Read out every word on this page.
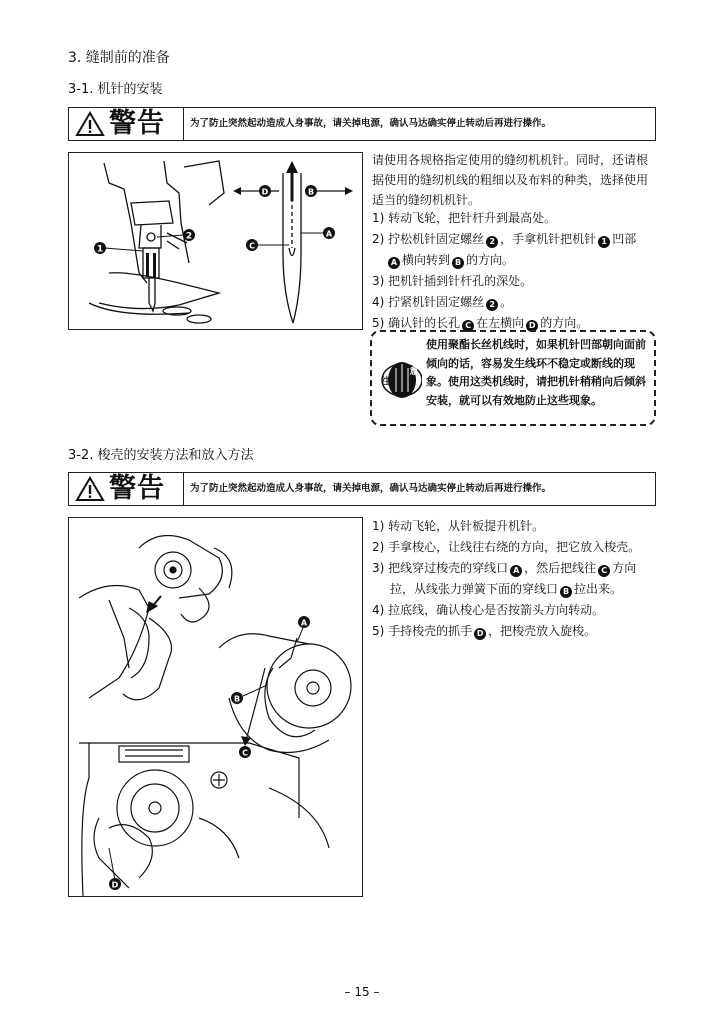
3. 缝制前的准备
3-1. 机针的安装
警告	为了防止突然起动造成人身事故，请关掉电源，确认马达确实停止转动后再进行操作。
1
2
D	B
C
A
请使用各规格指定使用的缝纫机机针。同时，还请根据使用的缝纫机线的粗细以及布料的种类，选择使用适当的缝纫机机针。
1) 转动飞轮，把针杆升到最高处。
2) 拧松机针固定螺丝 2 ，手拿机针把机针 1 凹部
A 横向转到 B 的方向。
3) 把机针插到针杆孔的深处。
4) 拧紧机针固定螺丝 2 。
5) 确认针的长孔 C 在左横向 D 的方向。
注
意
使用聚酯长丝机线时，如果机针凹部朝向面前倾向的话，容易发生线环不稳定或断线的现象。使用这类机线时，请把机针稍稍向后倾斜安装，就可以有效地防止这些现象。
3-2. 梭壳的安装方法和放入方法
警告	为了防止突然起动造成人身事故，请关掉电源，确认马达确实停止转动后再进行操作。
A
B
C
D
1) 转动飞轮，从针板提升机针。
2) 手拿梭心，让线往右绕的方向，把它放入梭壳。
3) 把线穿过梭壳的穿线口 A ，然后把线往 C 方向
拉，从线张力弹簧下面的穿线口 B 拉出来。
4) 拉底线，确认梭心是否按箭头方向转动。
5) 手持梭壳的抓手 D ，把梭壳放入旋梭。
– 15 –
